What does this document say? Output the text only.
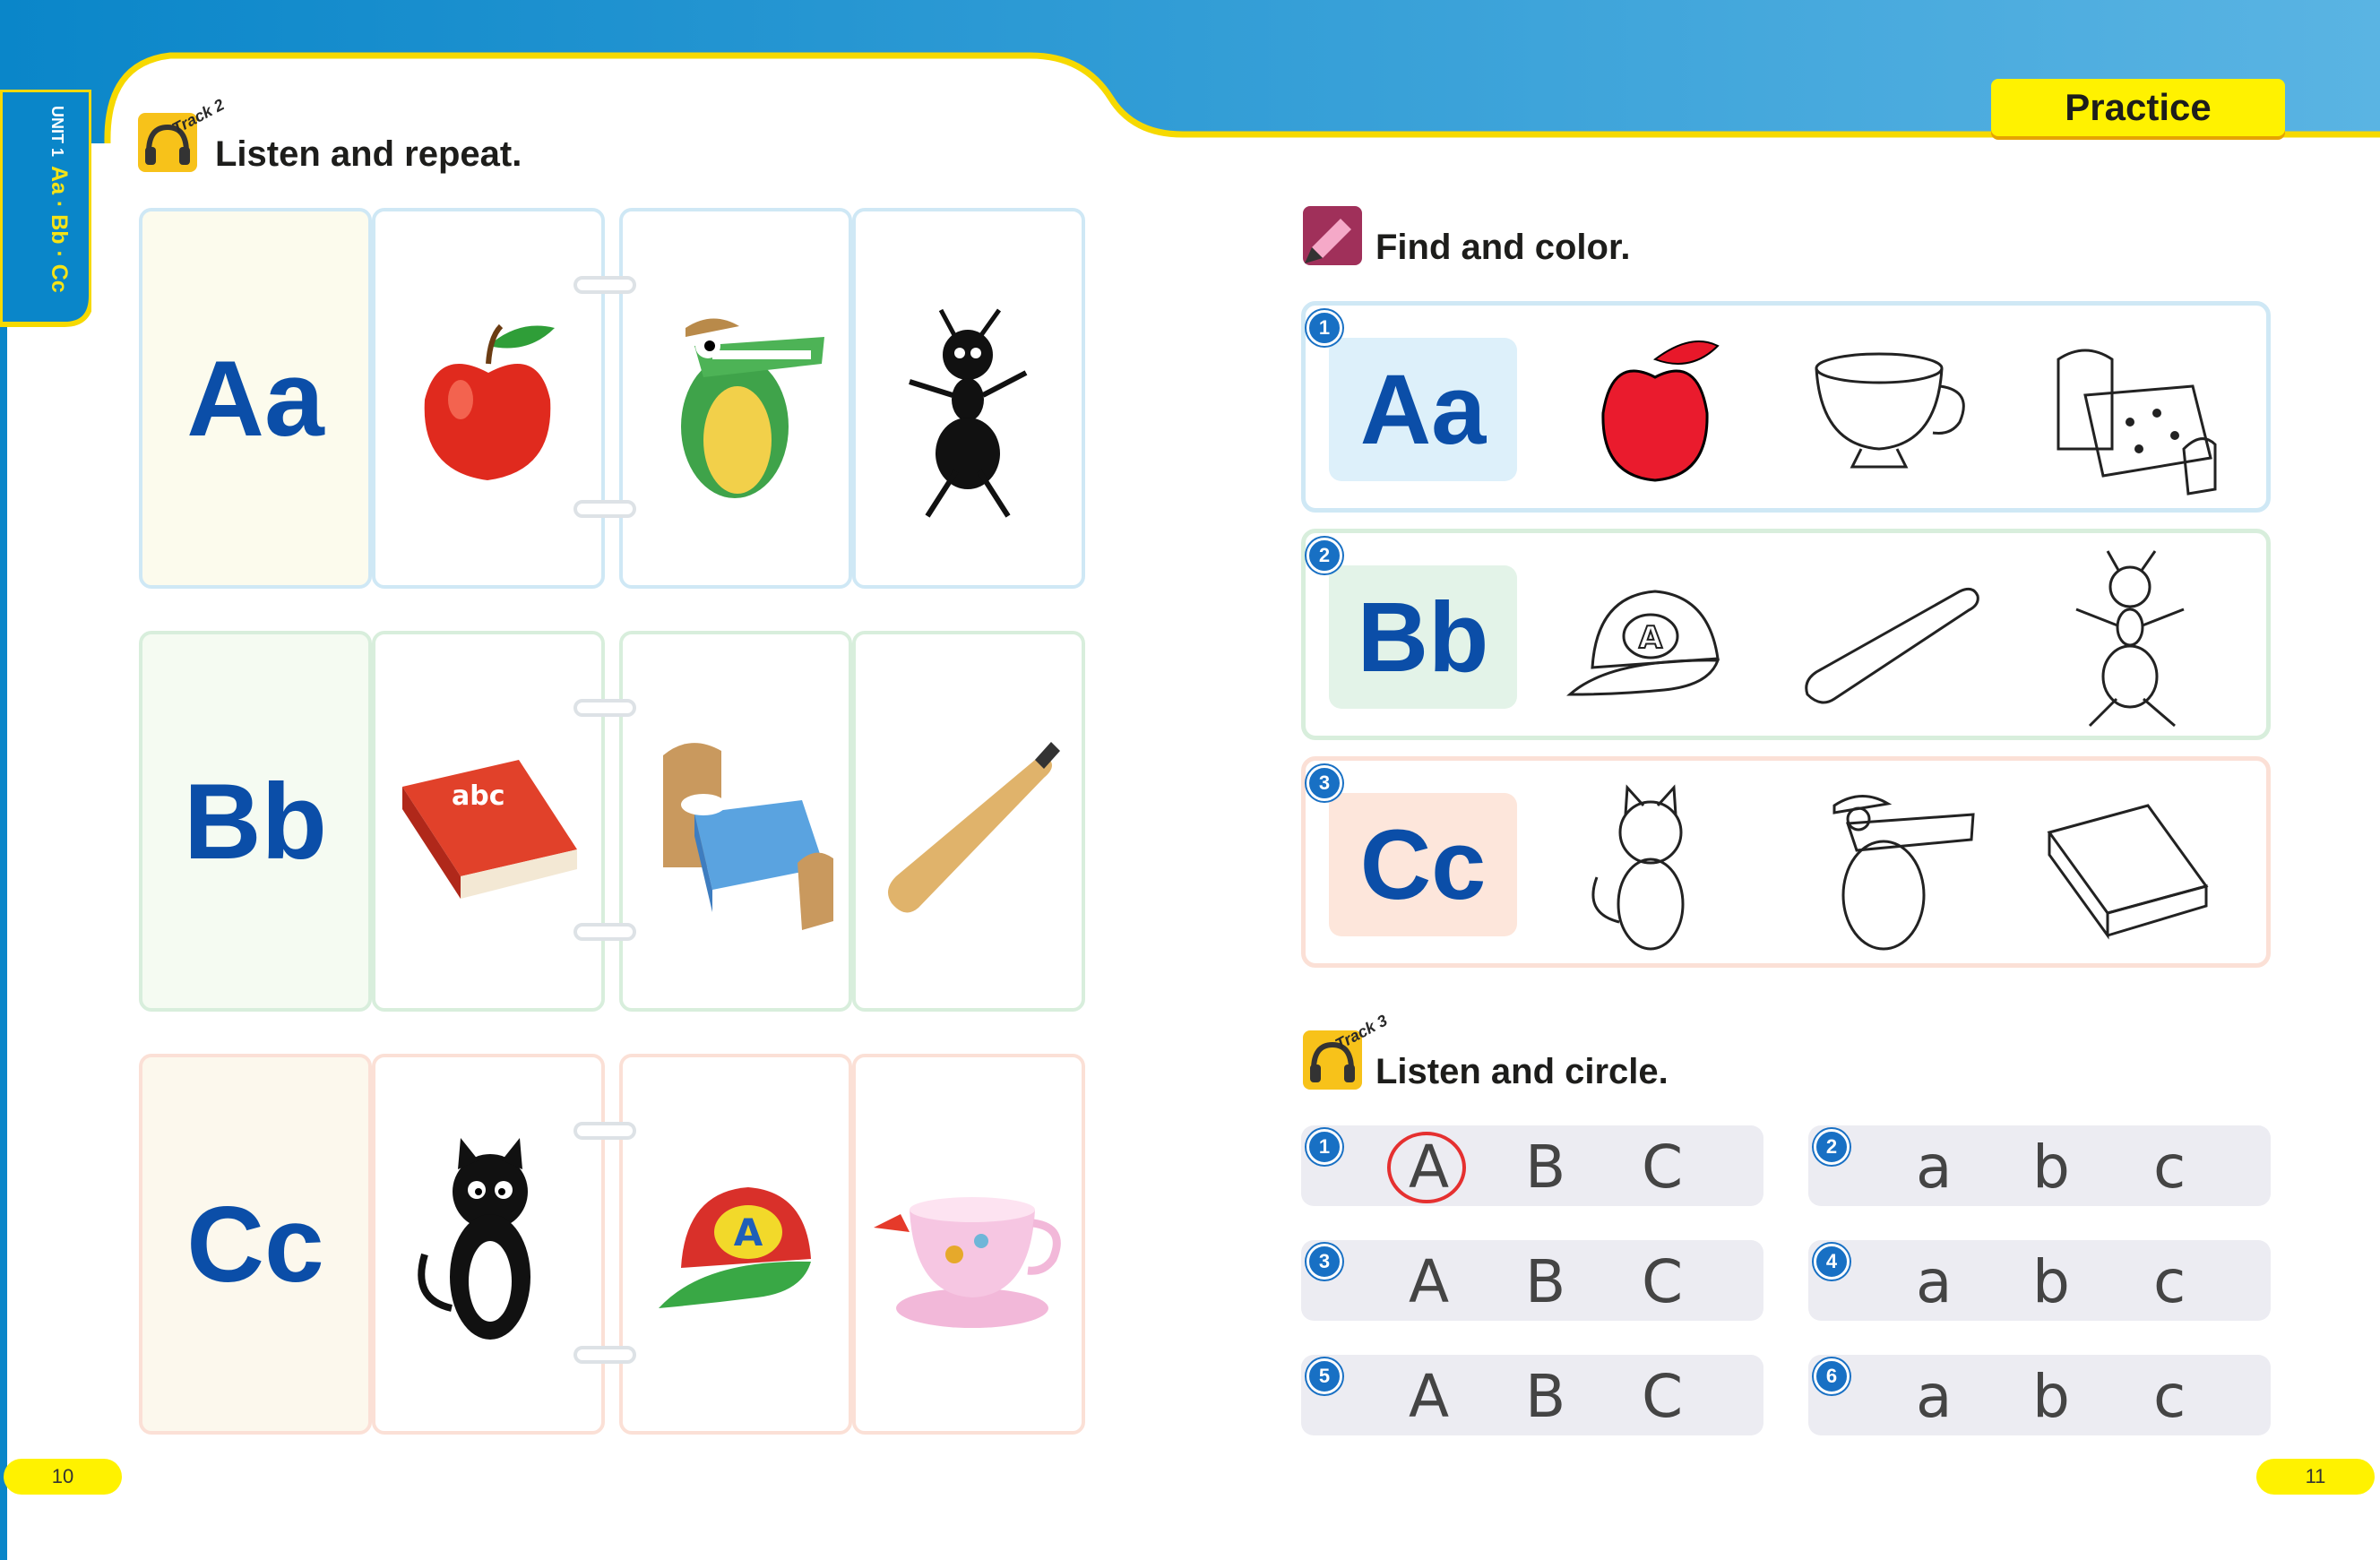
UNIT 1Aa · Bb · Cc
Practice
Track 2
Listen and repeat.
Aa
Bb	abc
Cc	A
10
Find and color.
Aa
1
Bb	A
2
Cc
3
Track 3
Listen and circle.
A B C
1	a b c
2
A B C
3	a b c
4
A B C
5	a b c
6
11
